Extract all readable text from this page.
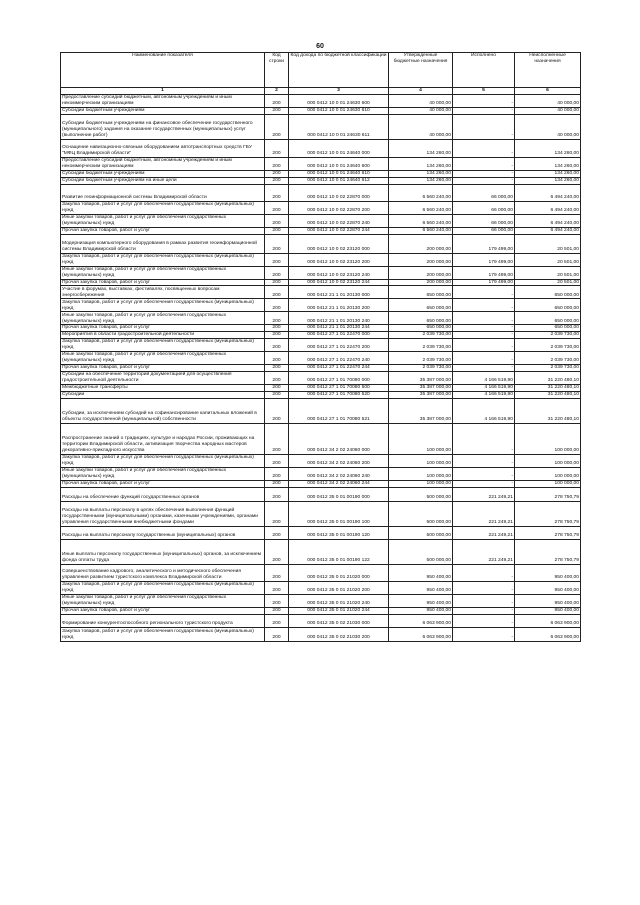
60
Наименование показателя	Код строки	Код дохода по бюджетной классификации	Утвержденные бюджетные назначения	Исполнено	Неисполненные назначения
1	2	3	4	5	6
Предоставление субсидий бюджетным, автономным учреждениям и иным некоммерческим организациям	200	000 0412 10 0 01 24630 600	40 000,00	-	40 000,00
Субсидии бюджетным учреждениям	200	000 0412 10 0 01 24630 610	40 000,00	-	40 000,00
Субсидии бюджетным учреждениям на финансовое обеспечение государственного (муниципального) задания на оказание государственных (муниципальных) услуг (выполнение работ)	200	000 0412 10 0 01 24630 611	40 000,00	-	40 000,00
Оснащение навигационно-связным оборудованием автотранспортных средств ГБУ "МФЦ Владимирской области"	200	000 0412 10 0 01 24640 000	134 260,00	-	134 260,00
Предоставление субсидий бюджетным, автономным учреждениям и иным некоммерческим организациям	200	000 0412 10 0 01 24640 600	134 260,00	-	134 260,00
Субсидии бюджетным учреждениям	200	000 0412 10 0 01 24640 610	134 260,00	-	134 260,00
Субсидии бюджетным учреждениям на иные цели	200	000 0412 10 0 01 24640 612	134 260,00	-	134 260,00
Развитие геоинформационной системы Владимирской области	200	000 0412 10 0 02 22870 000	6 560 240,00	66 000,00	6 494 240,00
Закупка товаров, работ и услуг для обеспечения государственных (муниципальных) нужд	200	000 0412 10 0 02 22870 200	6 560 240,00	66 000,00	6 494 240,00
Иные закупки товаров, работ и услуг для обеспечения государственных (муниципальных) нужд	200	000 0412 10 0 02 22870 240	6 560 240,00	66 000,00	6 494 240,00
Прочая закупка товаров, работ и услуг	200	000 0412 10 0 02 22870 244	6 560 240,00	66 000,00	6 494 240,00
Модернизация компьютерного оборудования в рамках развития геоинформационной системы Владимирской области	200	000 0412 10 0 02 23120 000	200 000,00	179 499,00	20 501,00
Закупка товаров, работ и услуг для обеспечения государственных (муниципальных) нужд	200	000 0412 10 0 02 23120 200	200 000,00	179 499,00	20 501,00
Иные закупки товаров, работ и услуг для обеспечения государственных (муниципальных) нужд	200	000 0412 10 0 02 23120 240	200 000,00	179 499,00	20 501,00
Прочая закупка товаров, работ и услуг	200	000 0412 10 0 02 23120 244	200 000,00	179 499,00	20 501,00
Участие в форумах, выставках, фестивалях, посвященных вопросам энергосбережения	200	000 0412 21 1 01 20130 000	650 000,00	-	650 000,00
Закупка товаров, работ и услуг для обеспечения государственных (муниципальных) нужд	200	000 0412 21 1 01 20130 200	650 000,00	-	650 000,00
Иные закупки товаров, работ и услуг для обеспечения государственных (муниципальных) нужд	200	000 0412 21 1 01 20130 240	650 000,00	-	650 000,00
Прочая закупка товаров, работ и услуг	200	000 0412 21 1 01 20130 244	650 000,00	-	650 000,00
Мероприятия в области градостроительной деятельности	200	000 0412 27 1 01 22470 000	2 039 730,00	-	2 039 730,00
Закупка товаров, работ и услуг для обеспечения государственных (муниципальных) нужд	200	000 0412 27 1 01 22470 200	2 039 730,00	-	2 039 730,00
Иные закупки товаров, работ и услуг для обеспечения государственных (муниципальных) нужд	200	000 0412 27 1 01 22470 240	2 039 730,00	-	2 039 730,00
Прочая закупка товаров, работ и услуг	200	000 0412 27 1 01 22470 244	2 039 730,00	-	2 039 730,00
Субсидии на обеспечение территорий документацией для осуществления градостроительной деятельности	200	000 0412 27 1 01 70080 000	35 387 000,00	4 166 519,90	31 220 480,10
Межбюджетные трансферты	200	000 0412 27 1 01 70080 500	35 387 000,00	4 166 519,90	31 220 480,10
Субсидии	200	000 0412 27 1 01 70080 520	35 387 000,00	4 166 519,90	31 220 480,10
Субсидии, за исключением субсидий на софинансирование капитальных вложений в объекты государственной (муниципальной) собственности	200	000 0412 27 1 01 70080 521	35 387 000,00	4 166 519,90	31 220 480,10
Распространение знаний о традициях, культуре и народах России, проживающих на территории Владимирской области, активизация творчества народных мастеров декоративно-прикладного искусства	200	000 0412 34 2 02 24060 000	100 000,00	-	100 000,00
Закупка товаров, работ и услуг для обеспечения государственных (муниципальных) нужд	200	000 0412 34 2 02 24060 200	100 000,00	-	100 000,00
Иные закупки товаров, работ и услуг для обеспечения государственных (муниципальных) нужд	200	000 0412 34 2 02 24060 240	100 000,00	-	100 000,00
Прочая закупка товаров, работ и услуг	200	000 0412 34 2 02 24060 244	100 000,00	-	100 000,00
Расходы на обеспечение функций государственных органов	200	000 0412 35 0 01 00190 000	500 000,00	221 249,21	278 750,79
Расходы на выплаты персоналу в целях обеспечения выполнения функций государственными (муниципальными) органами, казенными учреждениями, органами управления государственными внебюджетными фондами	200	000 0412 35 0 01 00190 100	500 000,00	221 249,21	278 750,79
Расходы на выплаты персоналу государственных (муниципальных) органов	200	000 0412 35 0 01 00190 120	500 000,00	221 249,21	278 750,79
Иные выплаты персоналу государственных (муниципальных) органов, за исключением фонда оплаты труда	200	000 0412 35 0 01 00190 122	500 000,00	221 249,21	278 750,79
Совершенствование кадрового, аналитического и методического обеспечения управления развитием туристского комплекса Владимирской области	200	000 0412 35 0 01 21020 000	950 400,00	-	950 400,00
Закупка товаров, работ и услуг для обеспечения государственных (муниципальных) нужд	200	000 0412 35 0 01 21020 200	950 400,00	-	950 400,00
Иные закупки товаров, работ и услуг для обеспечения государственных (муниципальных) нужд	200	000 0412 35 0 01 21020 240	950 400,00	-	950 400,00
Прочая закупка товаров, работ и услуг	200	000 0412 35 0 01 21020 244	950 400,00	-	950 400,00
Формирование конкурентоспособного регионального туристского продукта	200	000 0412 35 0 02 21030 000	6 063 900,00	-	6 063 900,00
Закупка товаров, работ и услуг для обеспечения государственных (муниципальных) нужд	200	000 0412 35 0 02 21030 200	6 063 900,00	-	6 063 900,00
